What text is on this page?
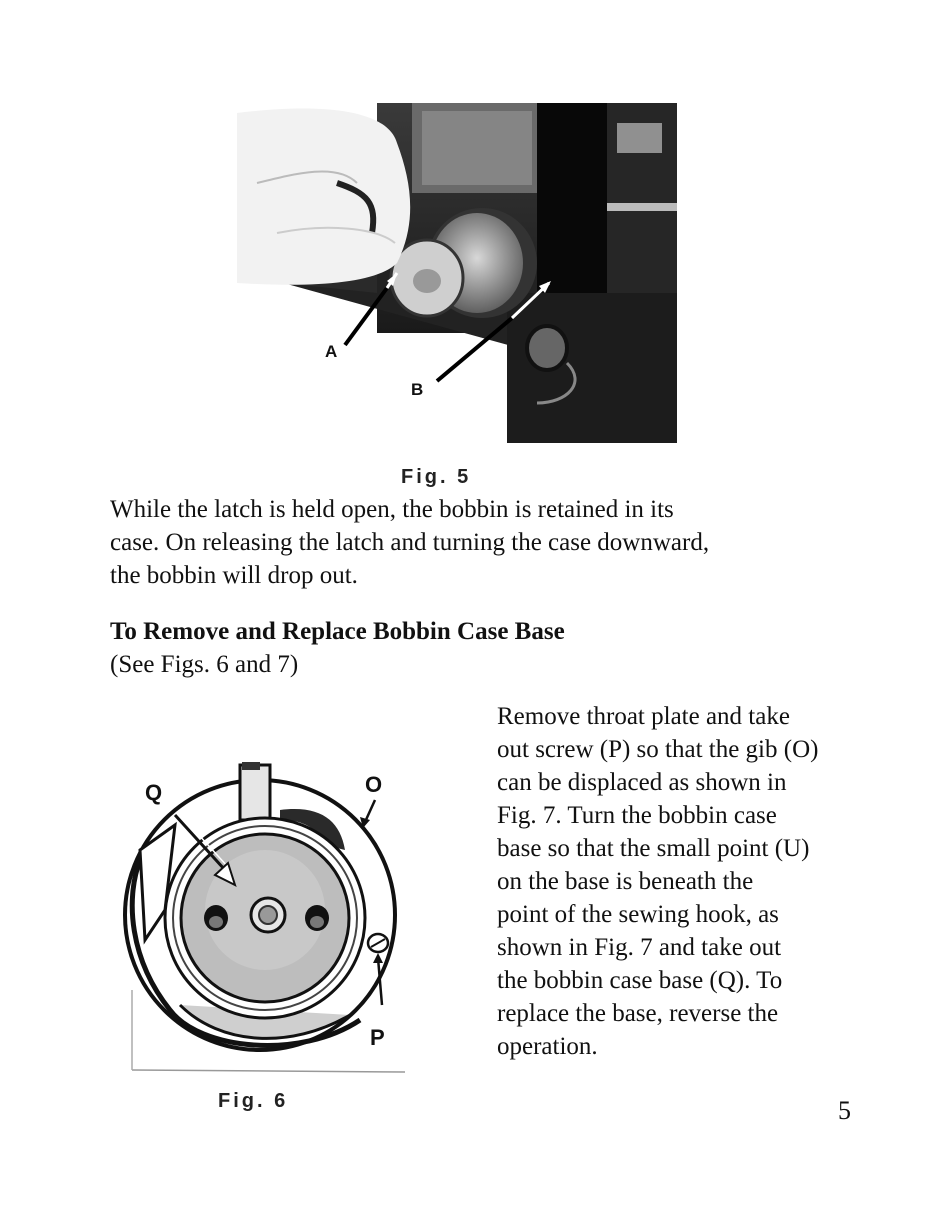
A
B
Fig. 5
While the latch is held open, the bobbin is retained in its
case. On releasing the latch and turning the case downward,
the bobbin will drop out.
To Remove and Replace Bobbin Case Base
(See Figs. 6 and 7)
Q	O
P
Fig. 6
Remove throat plate and take
out screw (P) so that the gib (O)
can be displaced as shown in
Fig. 7. Turn the bobbin case
base so that the small point (U)
on the base is beneath the
point of the sewing hook, as
shown in Fig. 7 and take out
the bobbin case base (Q). To
replace the base, reverse the
operation.
5
